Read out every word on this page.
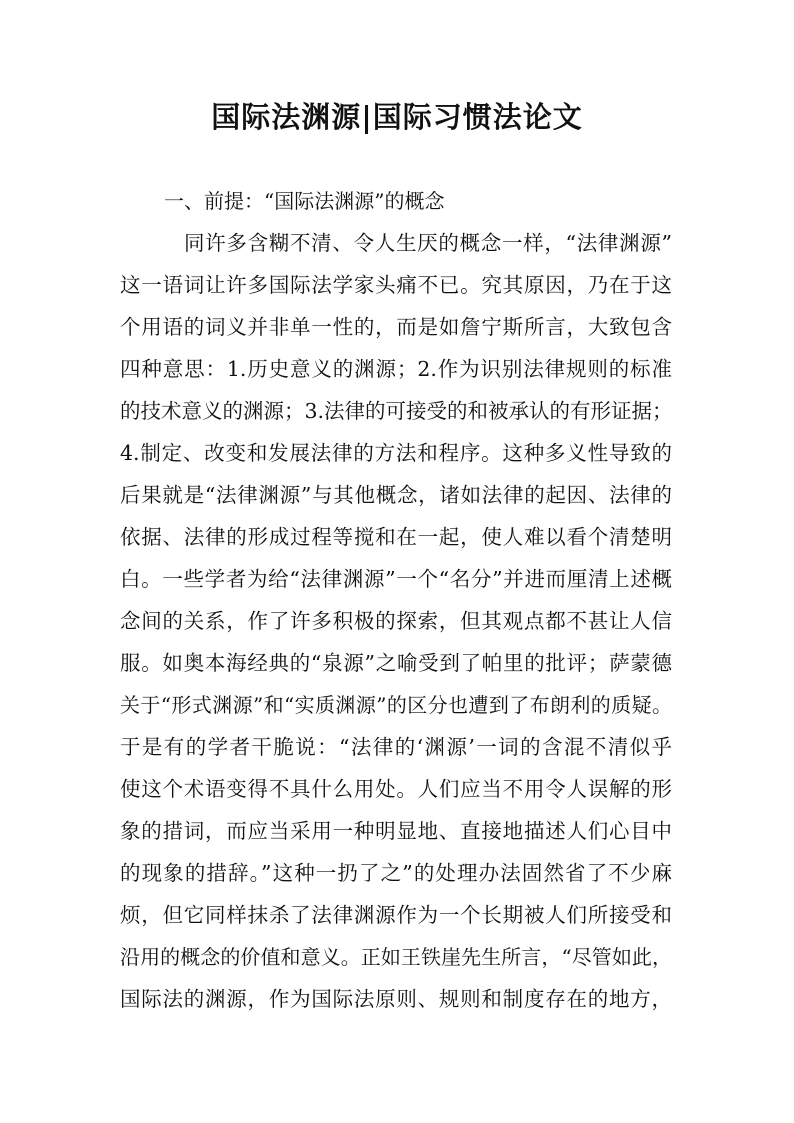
国际法渊源|国际习惯法论文
一、前提：“国际法渊源”的概念
同许多含糊不清、令人生厌的概念一样，“法律渊源”
这一语词让许多国际法学家头痛不已。究其原因，乃在于这
个用语的词义并非单一性的，而是如詹宁斯所言，大致包含
四种意思：1.历史意义的渊源；2.作为识别法律规则的标准
的技术意义的渊源；3.法律的可接受的和被承认的有形证据；
4.制定、改变和发展法律的方法和程序。这种多义性导致的
后果就是“法律渊源”与其他概念，诸如法律的起因、法律的
依据、法律的形成过程等搅和在一起，使人难以看个清楚明
白。一些学者为给“法律渊源”一个“名分”并进而厘清上述概
念间的关系，作了许多积极的探索，但其观点都不甚让人信
服。如奥本海经典的“泉源”之喻受到了帕里的批评；萨蒙德
关于“形式渊源”和“实质渊源”的区分也遭到了布朗利的质疑。
于是有的学者干脆说：“法律的‘渊源’一词的含混不清似乎
使这个术语变得不具什么用处。人们应当不用令人误解的形
象的措词，而应当采用一种明显地、直接地描述人们心目中
的现象的措辞。”这种一扔了之”的处理办法固然省了不少麻
烦，但它同样抹杀了法律渊源作为一个长期被人们所接受和
沿用的概念的价值和意义。正如王铁崖先生所言，“尽管如此，
国际法的渊源，作为国际法原则、规则和制度存在的地方，
